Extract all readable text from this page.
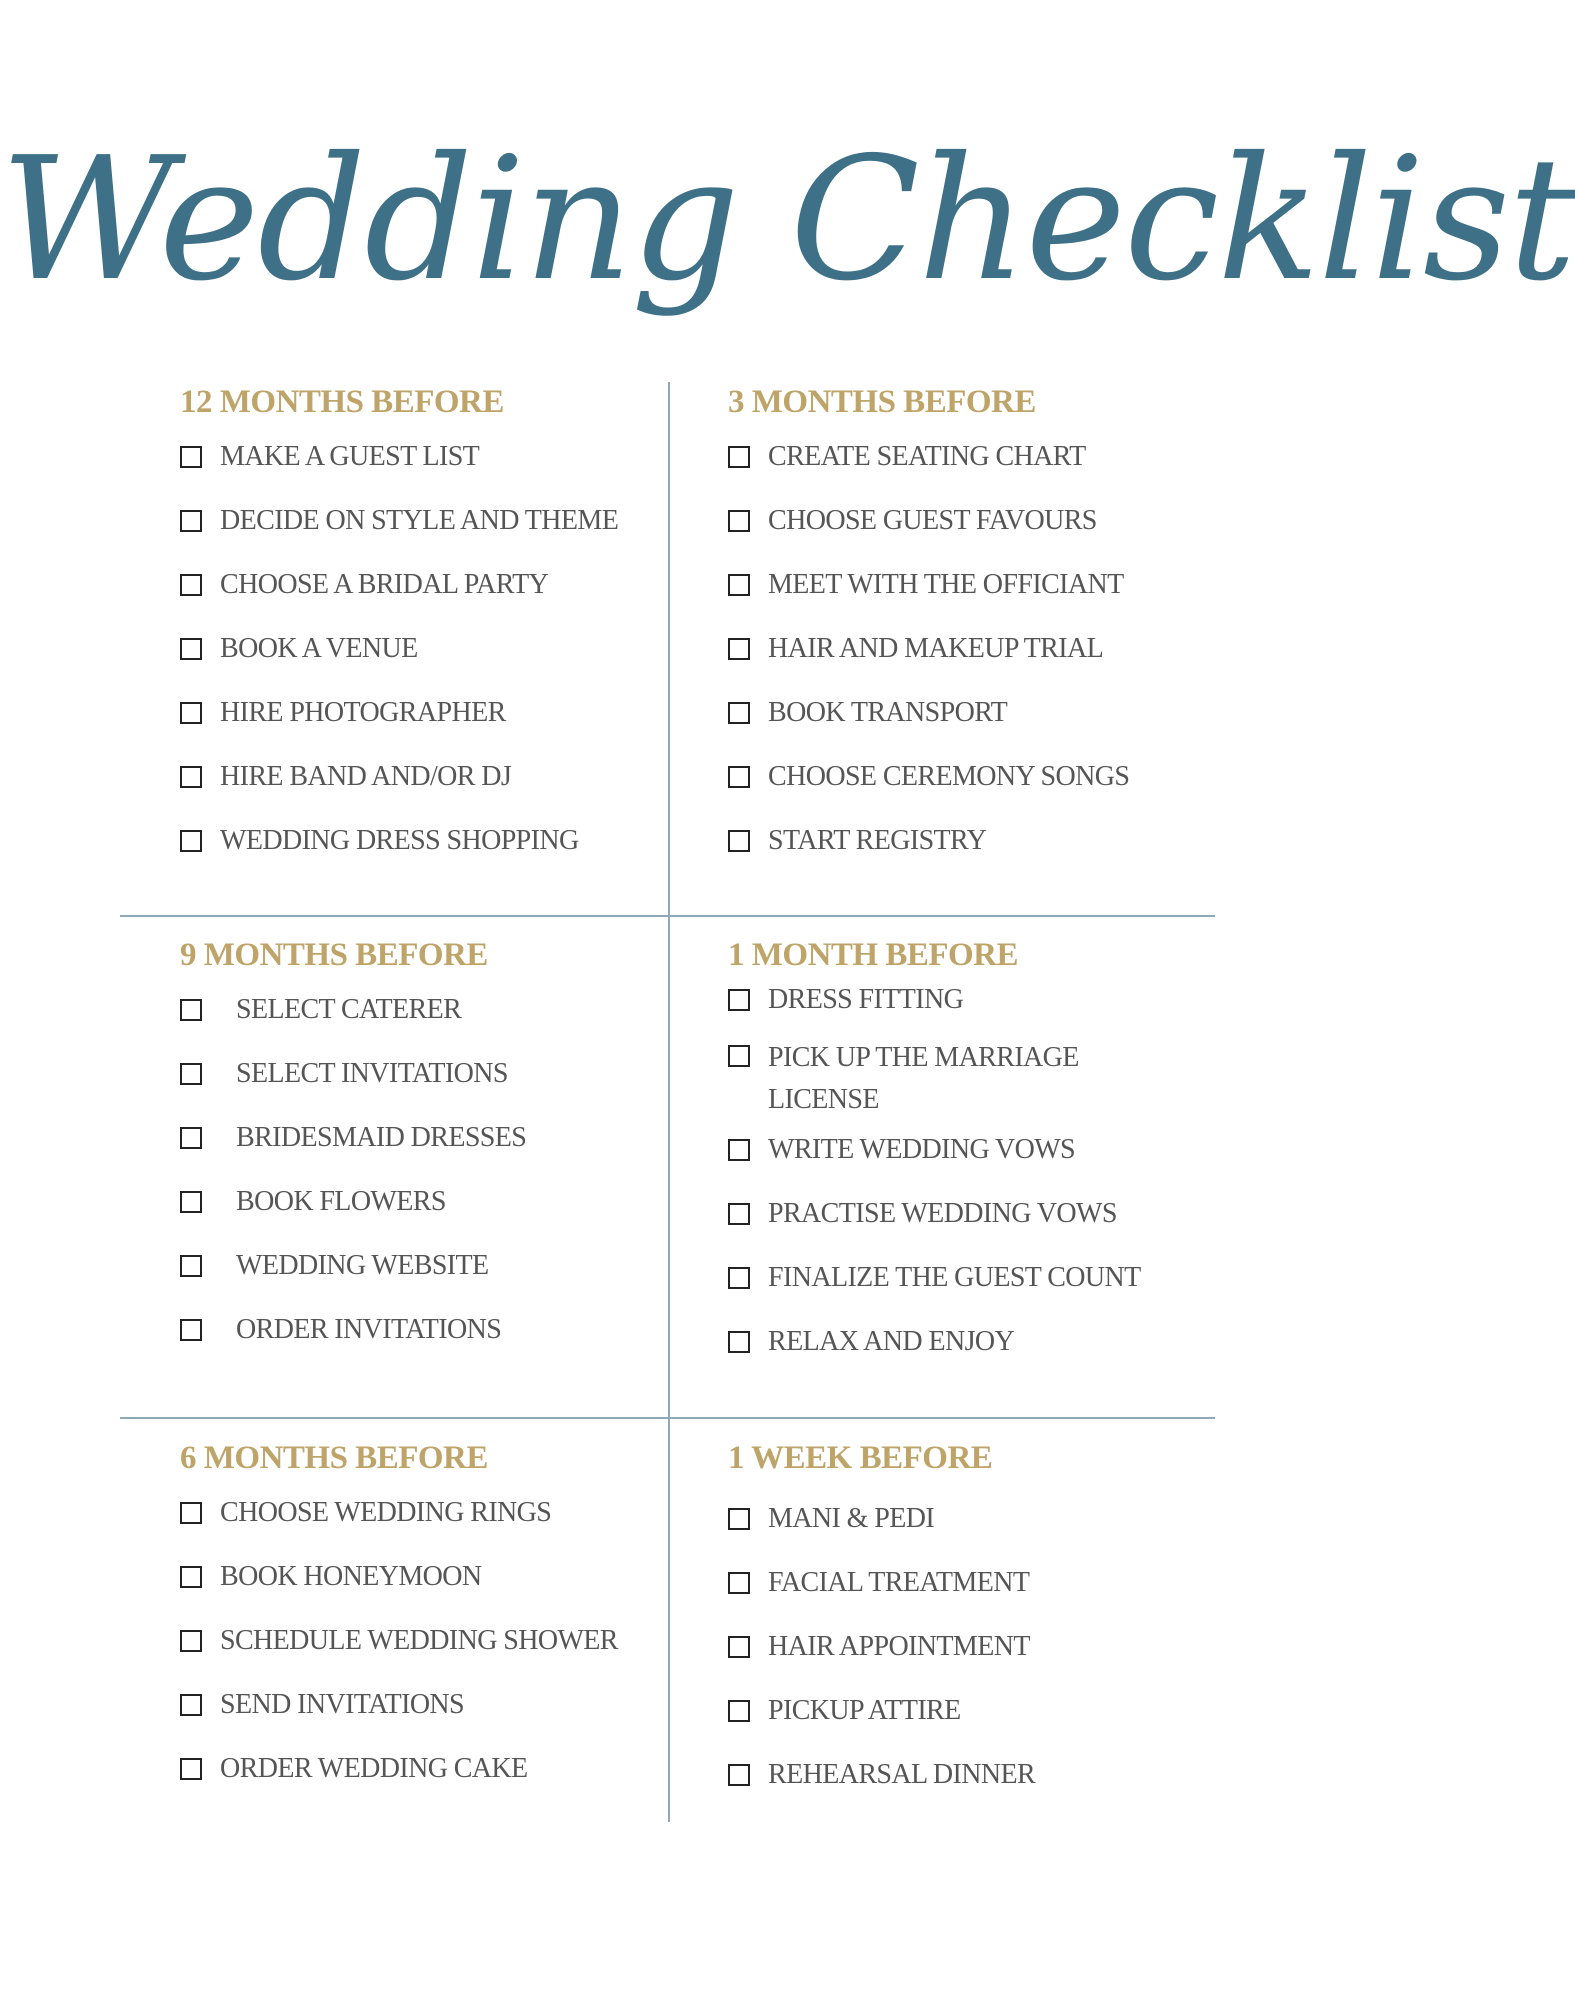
Wedding Checklist
12 MONTHS BEFORE
MAKE A GUEST LIST
DECIDE ON STYLE AND THEME
CHOOSE A BRIDAL PARTY
BOOK A VENUE
HIRE PHOTOGRAPHER
HIRE BAND AND/OR DJ
WEDDING DRESS SHOPPING
3 MONTHS BEFORE
CREATE SEATING CHART
CHOOSE GUEST FAVOURS
MEET WITH THE OFFICIANT
HAIR AND MAKEUP TRIAL
BOOK TRANSPORT
CHOOSE CEREMONY SONGS
START REGISTRY
9 MONTHS BEFORE
SELECT CATERER
SELECT INVITATIONS
BRIDESMAID DRESSES
BOOK FLOWERS
WEDDING WEBSITE
ORDER INVITATIONS
1 MONTH BEFORE
DRESS FITTING
PICK UP THE MARRIAGE LICENSE
WRITE WEDDING VOWS
PRACTISE WEDDING VOWS
FINALIZE THE GUEST COUNT
RELAX AND ENJOY
6 MONTHS BEFORE
CHOOSE WEDDING RINGS
BOOK HONEYMOON
SCHEDULE WEDDING SHOWER
SEND INVITATIONS
ORDER WEDDING CAKE
1 WEEK BEFORE
MANI & PEDI
FACIAL TREATMENT
HAIR APPOINTMENT
PICKUP ATTIRE
REHEARSAL DINNER
